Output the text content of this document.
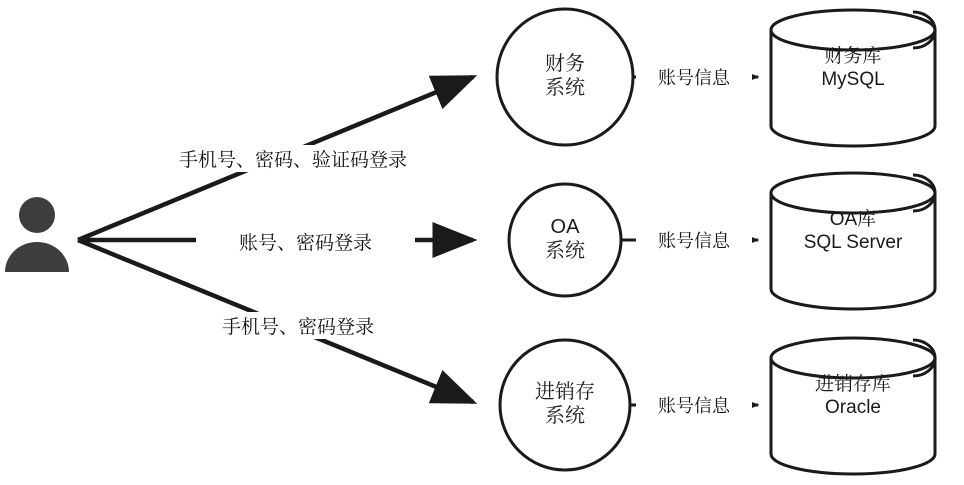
财务
系统
OA
系统
进销存
系统
财务库
MySQL
OA库
SQL Server
进销存库
Oracle
手机号、密码、验证码登录
账号、密码登录
手机号、密码登录
账号信息
账号信息
账号信息
